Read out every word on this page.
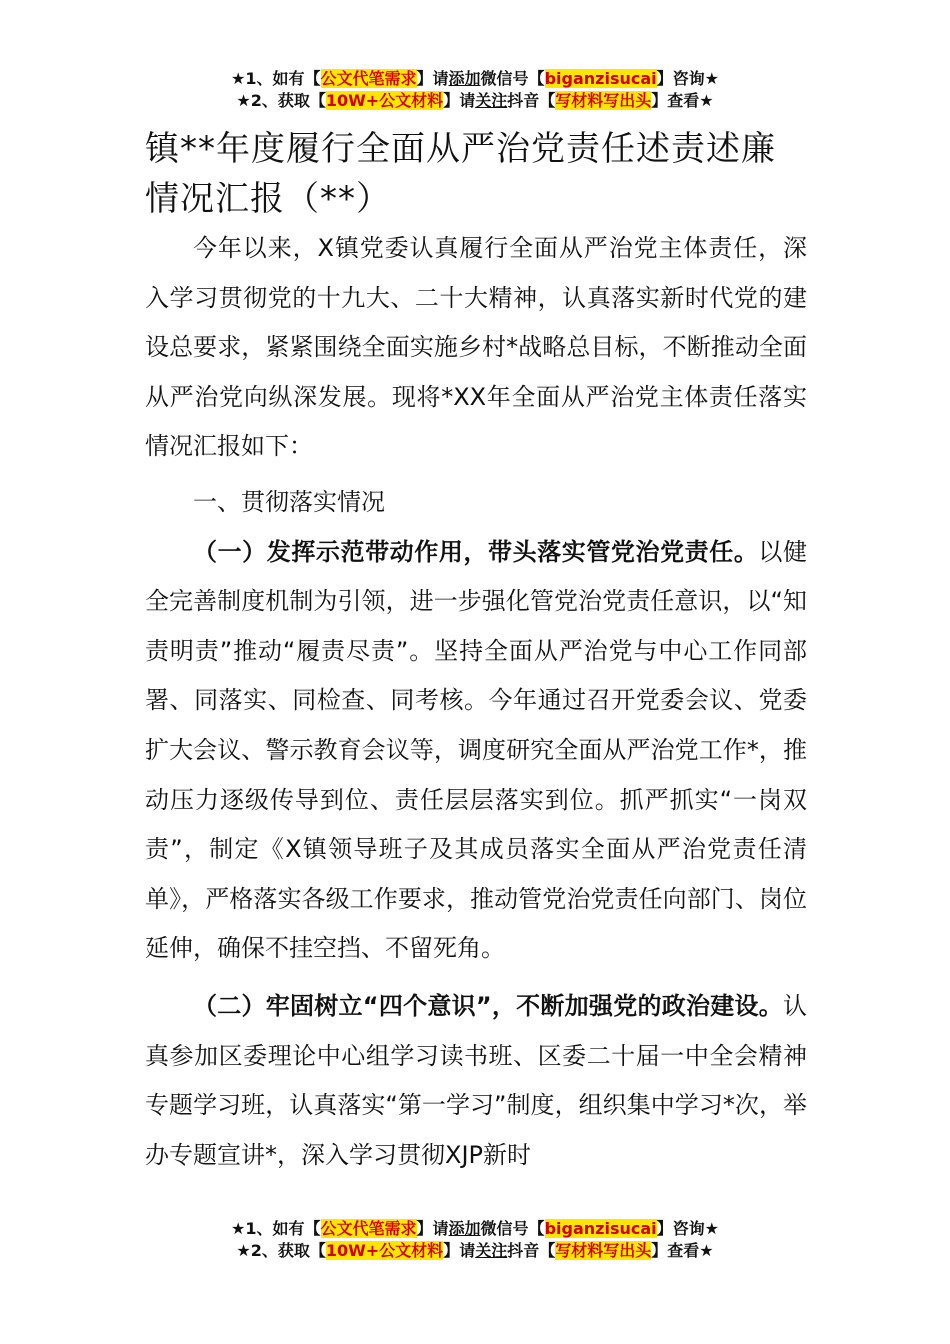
★1、如有【公文代笔需求】请添加微信号【biganzisucai】咨询★
★2、获取【10W+公文材料】请关注抖音【写材料写出头】查看★
镇**年度履行全面从严治党责任述责述廉情况汇报（**）

今年以来，X镇党委认真履行全面从严治党主体责任，深入学习贯彻党的十九大、二十大精神，认真落实新时代党的建设总要求，紧紧围绕全面实施乡村*战略总目标，不断推动全面从严治党向纵深发展。现将*XX年全面从严治党主体责任落实情况汇报如下：

一、贯彻落实情况

（一）发挥示范带动作用，带头落实管党治党责任。以健全完善制度机制为引领，进一步强化管党治党责任意识，以“知责明责”推动“履责尽责”。坚持全面从严治党与中心工作同部署、同落实、同检查、同考核。今年通过召开党委会议、党委扩大会议、警示教育会议等，调度研究全面从严治党工作*，推动压力逐级传导到位、责任层层落实到位。抓严抓实“一岗双责”，制定《X镇领导班子及其成员落实全面从严治党责任清单》，严格落实各级工作要求，推动管党治党责任向部门、岗位延伸，确保不挂空挡、不留死角。

（二）牢固树立“四个意识”，不断加强党的政治建设。认真参加区委理论中心组学习读书班、区委二十届一中全会精神专题学习班，认真落实“第一学习”制度，组织集中学习*次，举办专题宣讲*，深入学习贯彻XJP新时

★1、如有【公文代笔需求】请添加微信号【biganzisucai】咨询★
★2、获取【10W+公文材料】请关注抖音【写材料写出头】查看★
